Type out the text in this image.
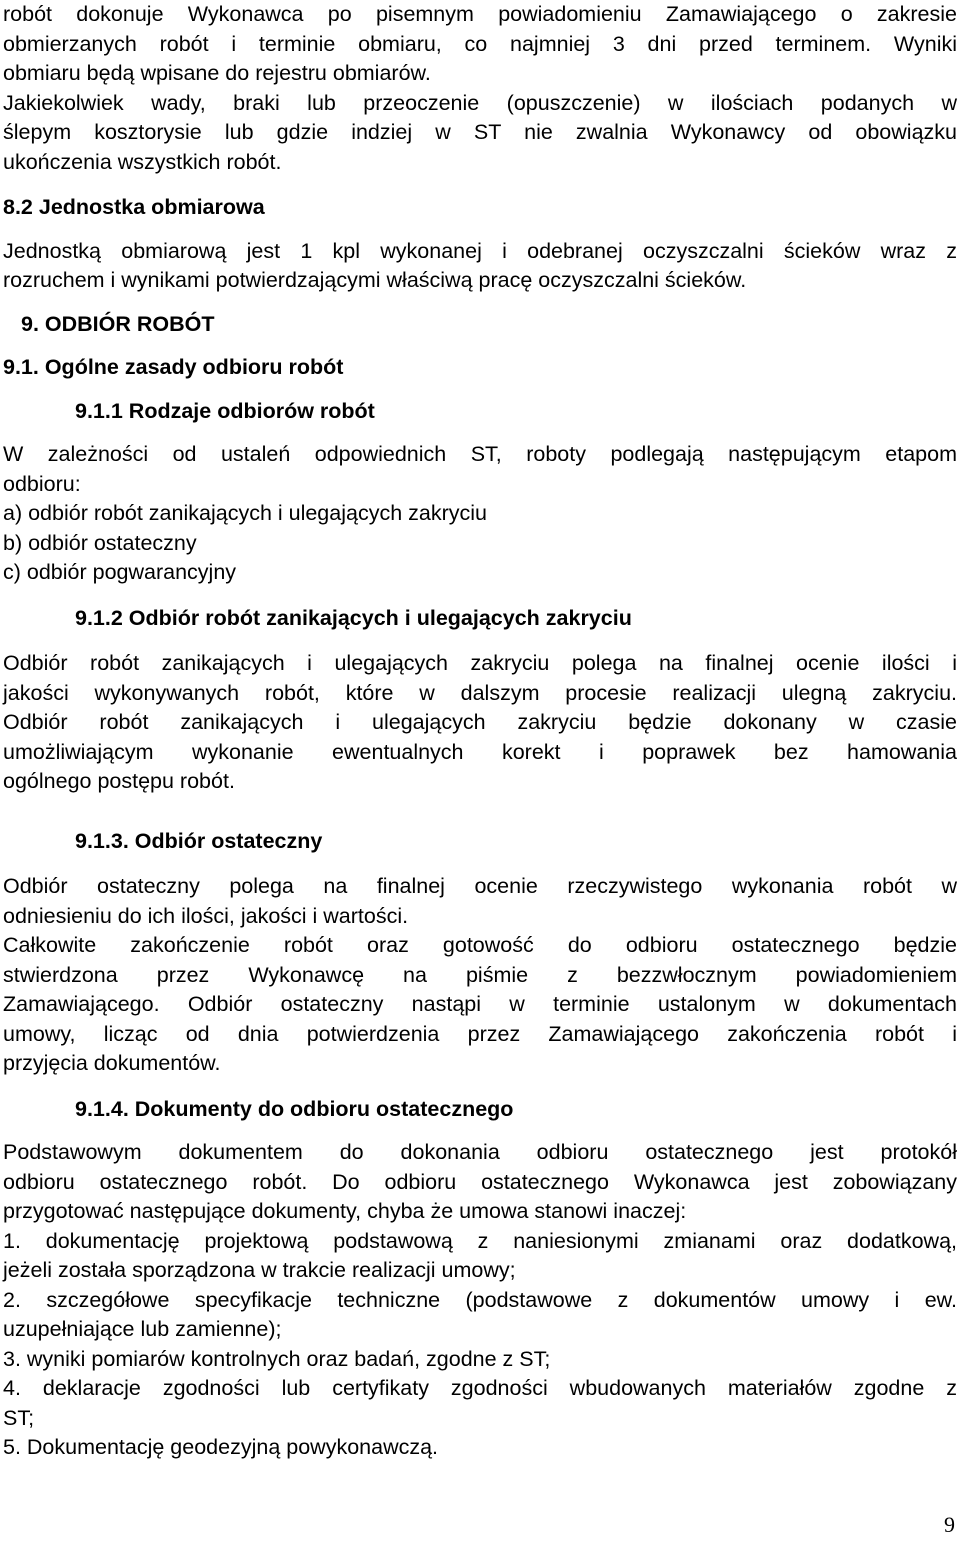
robót dokonuje Wykonawca po pisemnym powiadomieniu Zamawiającego o zakresie

obmierzanych robót i terminie obmiaru, co najmniej 3 dni przed terminem. Wyniki

obmiaru będą wpisane do rejestru obmiarów.

Jakiekolwiek wady, braki lub przeoczenie (opuszczenie) w ilościach podanych w

ślepym kosztorysie lub gdzie indziej w ST nie zwalnia Wykonawcy od obowiązku

ukończenia wszystkich robót.

8.2 Jednostka obmiarowa

Jednostką obmiarową jest 1 kpl wykonanej i odebranej oczyszczalni ścieków wraz z

rozruchem i wynikami potwierdzającymi właściwą pracę oczyszczalni ścieków.

9. ODBIÓR ROBÓT

9.1. Ogólne zasady odbioru robót

9.1.1 Rodzaje odbiorów robót

W zależności od ustaleń odpowiednich ST, roboty podlegają następującym etapom

odbioru:

a) odbiór robót zanikających i ulegających zakryciu

b) odbiór ostateczny

c) odbiór pogwarancyjny

9.1.2 Odbiór robót zanikających i ulegających zakryciu

Odbiór robót zanikających i ulegających zakryciu polega na finalnej ocenie ilości i

jakości wykonywanych robót, które w dalszym procesie realizacji ulegną zakryciu.

Odbiór robót zanikających i ulegających zakryciu będzie dokonany w czasie

umożliwiającym wykonanie ewentualnych korekt i poprawek bez hamowania

ogólnego postępu robót.

9.1.3. Odbiór ostateczny

Odbiór ostateczny polega na finalnej ocenie rzeczywistego wykonania robót w

odniesieniu do ich ilości, jakości i wartości.

Całkowite zakończenie robót oraz gotowość do odbioru ostatecznego będzie

stwierdzona przez Wykonawcę na piśmie z bezzwłocznym powiadomieniem

Zamawiającego. Odbiór ostateczny nastąpi w terminie ustalonym w dokumentach

umowy, licząc od dnia potwierdzenia przez Zamawiającego zakończenia robót i

przyjęcia dokumentów.

9.1.4. Dokumenty do odbioru ostatecznego

Podstawowym dokumentem do dokonania odbioru ostatecznego jest protokół

odbioru ostatecznego robót. Do odbioru ostatecznego Wykonawca jest zobowiązany

przygotować następujące dokumenty, chyba że umowa stanowi inaczej:

1. dokumentację projektową podstawową z naniesionymi zmianami oraz dodatkową,

jeżeli została sporządzona w trakcie realizacji umowy;

2. szczegółowe specyfikacje techniczne (podstawowe z dokumentów umowy i ew.

uzupełniające lub zamienne);

3. wyniki pomiarów kontrolnych oraz badań, zgodne z ST;

4. deklaracje zgodności lub certyfikaty zgodności wbudowanych materiałów zgodne z

ST;

5. Dokumentację geodezyjną powykonawczą.

9
